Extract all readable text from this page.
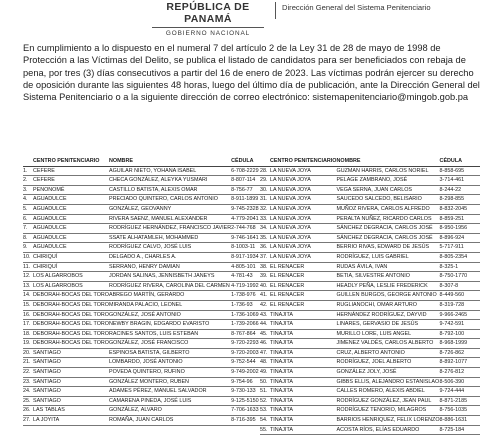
REPÚBLICA DE PANAMÁ
GOBIERNO NACIONAL
Dirección General del Sistema Penitenciario

En cumplimiento a lo dispuesto en el numeral 7 del artículo 2 de la Ley 31 de 28 de mayo de 1998 de Protección a las Víctimas del Delito, se publica el listado de candidatos para ser beneficiados con rebaja de pena, por tres (3) días consecutivos a partir del 16 de enero de 2023. Las víctimas podrán ejercer su derecho de oposición durante las siguientes 48 horas, luego del último día de publicación, ante la Dirección General del Sistema Penitenciario o a la siguiente dirección de correo electrónico: sistemapenitenciario@mingob.gob.pa

	CENTRO PENITENCIARIO	NOMBRE	CÉDULA
1.	CEFERE	AGUILAR NIETO, YOHANA ISABEL	6-708-2229
2.	CEFERE	CHECA GONZÁLEZ, ALEYKA YUSMARI	8-807-114
3.	PENONOMÉ	CASTILLO BATISTA, ALEXIS OMAR	8-756-77
4.	AGUADULCE	PRECIADO QUINTERO, CARLOS ANTONIO	8-911-1899
5.	AGUADULCE	GONZÁLEZ, GEOVANNY	9-745-2328
6.	AGUADULCE	RIVERA SAENZ, MANUEL ALEXANDER	4-779-2041
7.	AGUADULCE	RODRÍGUEZ HERNÁNDEZ, FRANCISCO JAVIER	2-744-768
8.	AGUADULCE	SSATE ALHATAMLEH, MOHAMMED	9-746-1641
9.	AGUADULCE	RODRÍGUEZ CALVO, JOSÉ LUIS	8-1003-11
10.	CHIRIQUÍ	DELGADO A., CHARLES A.	8-917-1934
11.	CHIRIQUÍ	SERRANO, HENRY DAMIAN	4-805-101
12.	LOS ALGARROBOS	JORDAN SALINAS, JENNISBETH JANEYS	4-781-43
13.	LOS ALGARROBOS	RODRÍGUEZ RIVERA, CAROLINA DEL CARMEN	4-719-1992
14.	DEBORAH-BOCAS DEL TORO	ABREGO MARTÍN, GERARDO	1-738-976
15.	DEBORAH-BOCAS DEL TORO	MIRANDA PALACIO, LEONEL	1-736-93
16.	DEBORAH-BOCAS DEL TORO	GONZÁLEZ, JOSÉ ANTONIO	1-736-1069
17.	DEBORAH-BOCAS DEL TORO	NEWBY BRAGIN, EDGARDO EVARISTO	1-739-2066
18.	DEBORAH-BOCAS DEL TORO	RACINES SANTOS, LUIS ESTEBAN	8-767-864
19.	DEBORAH-BOCAS DEL TORO	GONZÁLEZ, JOSÉ FRANCISCO	9-720-2293
20.	SANTIAGO	ESPINOSA BATISTA, GILBERTO	9-720-2003
21.	SANTIAGO	LOMBARDO, JOSÉ ANTONIO	9-752-544
22.	SANTIAGO	POVEDA QUINTERO, RUFINO	9-749-2002
23.	SANTIAGO	GONZÁLEZ MONTERO, RUBEN	9-754-96
24.	SANTIAGO	ADAMES PÉREZ, MANUEL SALVADOR	9-730-133
25.	SANTIAGO	CAMARENA PINEDA, JOSÉ LUIS	9-125-5150
26.	LAS TABLAS	GONZÁLEZ, ALVARO	7-706-1633
27.	LA JOYITA	ROMAÑA, JUAN CARLOS	8-716-395
	CENTRO PENITENCIARIO	NOMBRE	CÉDULA
28.	LA NUEVA JOYA	GUZMAN HARRIS, CARLOS NORIEL	8-858-695
29.	LA NUEVA JOYA	PELAGE ZAMBRANO, JOSÉ	3-714-461
30.	LA NUEVA JOYA	VEGA SERNA, JUAN CARLOS	8-244-22
31.	LA NUEVA JOYA	SAUCEDO SALCEDO, BELISARIO	8-298-855
32.	LA NUEVA JOYA	MUÑOZ RIVERA, CARLOS ALFREDO	8-832-2045
33.	LA NUEVA JOYA	PERALTA NUÑEZ, RICARDO CARLOS	8-859-251
34.	LA NUEVA JOYA	SÁNCHEZ DEGRACIA, CARLOS JOSÉ	8-950-1956
35.	LA NUEVA JOYA	SÁNCHEZ DEGRACIA, CARLOS JOSÉ	8-896-924
36.	LA NUEVA JOYA	BERRIO RIVAS, EDWARD DE JESÚS	5-717-911
37.	LA NUEVA JOYA	RODRÍGUEZ, LUIS GABRIEL	8-805-2354
38.	EL RENACER	RUDAS ÁVILA, IVAN	8-325-1
39.	EL RENACER	BETIA, SILVESTRE ANTONIO	8-750-1770
40.	EL RENACER	HEADLY PEÑA, LESLIE FREDERICK	8-307-8
41.	EL RENACER	GUILLEN BURGOS, GEORGE ANTONIO	8-449-560
42.	EL RENACER	RUGLIANOCHI, OMAR ARTURO	8-319-728
43.	TINAJITA	HERNÁNDEZ RODRÍGUEZ, DAYVID	9-966-2465
44.	TINAJITA	LINARES, GERVASIO DE JESÚS	9-742-591
45.	TINAJITA	MURILLO LORE, LUIS ANGEL	8-792-100
46.	TINAJITA	JIMENEZ VALDÉS, CARLOS ALBERTO	8-968-1999
47.	TINAJITA	CRUZ, ALBERTO ANTONIO	8-726-862
48.	TINAJITA	RODRÍGUEZ, JOEL ALBERTO	8-892-1077
49.	TINAJITA	GONZÁLEZ JOLY, JOSÉ	8-276-812
50.	TINAJITA	GIBBS ELLIS, ALEJANDRO ESTANISLAO	8-506-390
51.	TINAJITA	CALLES ROMERO, ALEXIS ABDIEL	9-724-444
52.	TINAJITA	RODRÍGUEZ GONZÁLEZ, JEAN PAUL	8-871-2185
53.	TINAJITA	RODRÍGUEZ TENORIO, MILAGROS	8-756-1035
54.	TINAJITA	BARRIOS HENRIQUEZ, FELIX LORENZO	8-886-1631
55.	TINAJITA	ACOSTA RÍOS, ELÍAS EDUARDO	8-725-184
